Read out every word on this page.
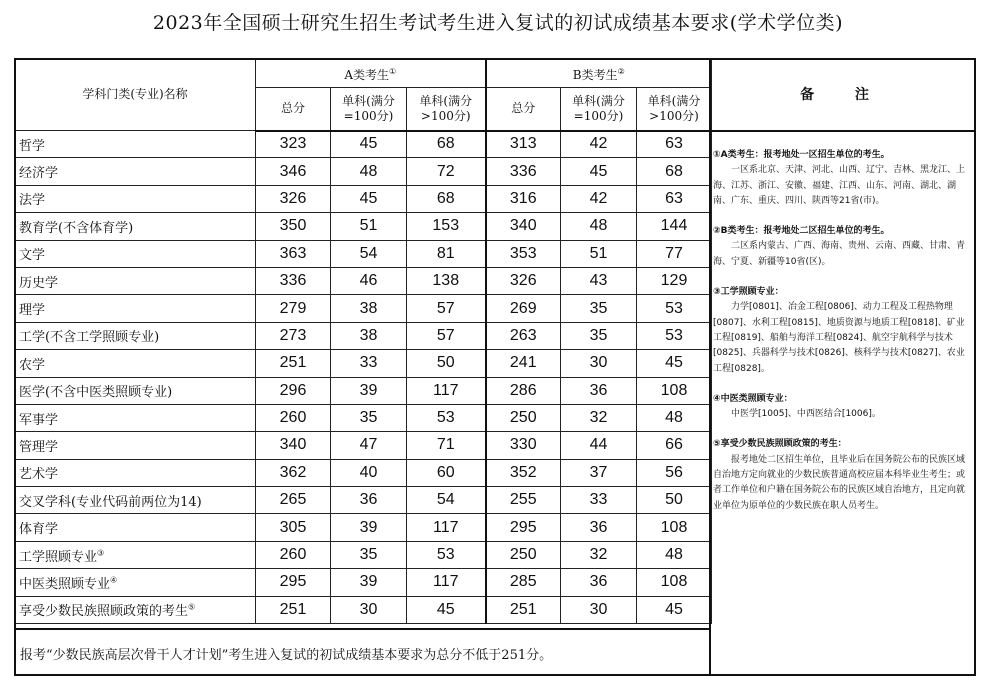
2023年全国硕士研究生招生考试考生进入复试的初试成绩基本要求(学术学位类)
学科门类(专业)名称	A类考生①			B类考生②
	总分	单科(满分=100分)	单科(满分>100分)	总分	单科(满分=100分)	单科(满分>100分)
哲学	323	45	68	313	42	63
经济学	346	48	72	336	45	68
法学	326	45	68	316	42	63
教育学(不含体育学)	350	51	153	340	48	144
文学	363	54	81	353	51	77
历史学	336	46	138	326	43	129
理学	279	38	57	269	35	53
工学(不含工学照顾专业)	273	38	57	263	35	53
农学	251	33	50	241	30	45
医学(不含中医类照顾专业)	296	39	117	286	36	108
军事学	260	35	53	250	32	48
管理学	340	47	71	330	44	66
艺术学	362	40	60	352	37	56
交叉学科(专业代码前两位为14)	265	36	54	255	33	50
体育学	305	39	117	295	36	108
工学照顾专业③	260	35	53	250	32	48
中医类照顾专业④	295	39	117	285	36	108
享受少数民族照顾政策的考生⑤	251	30	45	251	30	45
备 注
①A类考生：报考地处一区招生单位的考生。
一区系北京、天津、河北、山西、辽宁、吉林、黑龙江、上海、江苏、浙江、安徽、福建、江西、山东、河南、湖北、湖南、广东、重庆、四川、陕西等21省(市)。
②B类考生：报考地处二区招生单位的考生。
二区系内蒙古、广西、海南、贵州、云南、西藏、甘肃、青海、宁夏、新疆等10省(区)。
③工学照顾专业：
力学[0801]、冶金工程[0806]、动力工程及工程热物理[0807]、水利工程[0815]、地质资源与地质工程[0818]、矿业工程[0819]、船舶与海洋工程[0824]、航空宇航科学与技术[0825]、兵器科学与技术[0826]、核科学与技术[0827]、农业工程[0828]。
④中医类照顾专业：
中医学[1005]、中西医结合[1006]。
⑤享受少数民族照顾政策的考生：
报考地处二区招生单位，且毕业后在国务院公布的民族区域自治地方定向就业的少数民族普通高校应届本科毕业生考生；或者工作单位和户籍在国务院公布的民族区域自治地方，且定向就业单位为原单位的少数民族在职人员考生。
报考“少数民族高层次骨干人才计划”考生进入复试的初试成绩基本要求为总分不低于251分。
